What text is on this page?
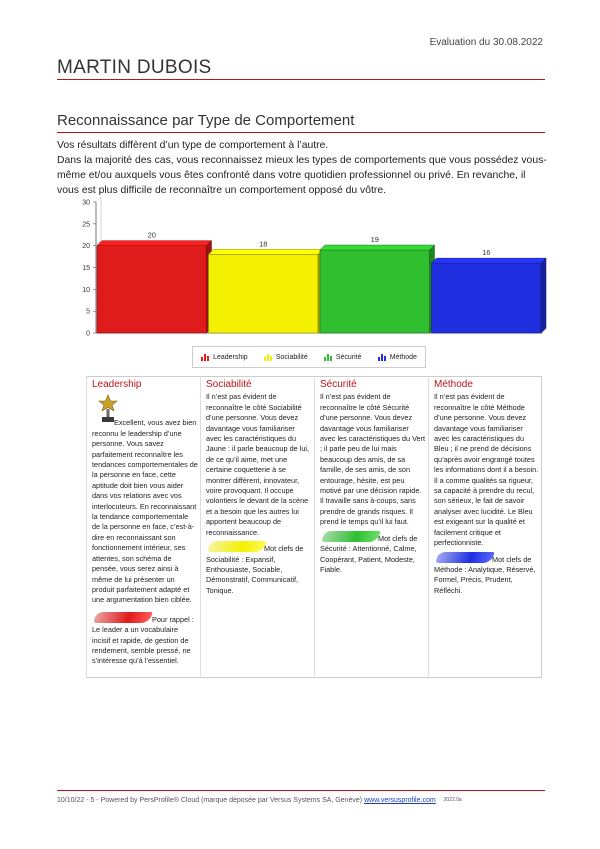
Evaluation du 30.08.2022
MARTIN DUBOIS
Reconnaissance par Type de Comportement

Vos résultats diffèrent d’un type de comportement à l’autre.

Dans la majorité des cas, vous reconnaissez mieux les types de comportements que vous possédez vous-même et/ou auxquels vous êtes confronté dans votre quotidien professionnel ou privé. En revanche, il vous est plus difficile de reconnaître un comportement opposé du vôtre.

0
5
10
15
20
25
30
20
18	19
16
Leadership	Sociabilité	Sécurité	Méthode
Leadership

Excellent, vous avez bien reconnu le leadership d’une personne. Vous savez parfaitement reconnaître les tendances comportementales de la personne en face, cette aptitude doit bien vous aider dans vos relations avec vos interlocuteurs. En reconnaissant la tendance comportementale de la personne en face, c’est-à-dire en reconnaissant son fonctionnement intérieur, ses attentes, son schéma de pensée, vous serez ainsi à même de lui présenter un produit parfaitement adapté et une argumentation bien ciblée.

Pour rappel : Le leader a un vocabulaire incisif et rapide, de gestion de rendement, semble pressé, ne s’intéresse qu’à l’essentiel.

Sociabilité

Il n’est pas évident de reconnaître le côté Sociabilité d’une personne. Vous devez davantage vous familiariser avec les caractéristiques du Jaune : il parle beaucoup de lui, de ce qu’il aime, met une certaine coquetterie à se montrer différent, innovateur, voire provoquant. Il occupe volontiers le devant de la scène et a besoin que les autres lui apportent beaucoup de reconnaissance.

Mot clefs de Sociabilité : Expansif, Enthousiaste, Sociable, Démonstratif, Communicatif, Tonique.

Sécurité

Il n’est pas évident de reconnaître le côté Sécurité d’une personne. Vous devez davantage vous familiariser avec les caractéristiques du Vert ; il parle peu de lui mais beaucoup des amis, de sa famille, de ses amis, de son entourage, hésite, est peu motivé par une décision rapide. Il travaille sans à-coups, sans prendre de grands risques. Il prend le temps qu’il lui faut.

Mot clefs de Sécurité : Attentionné, Calme, Coopérant, Patient, Modeste, Fiable.

Méthode

Il n’est pas évident de reconnaître le côté Méthode d’une personne. Vous devez davantage vous familiariser avec les caractéristiques du Bleu ; il ne prend de décisions qu’après avoir engrangé toutes les informations dont il a besoin. Il a comme qualités sa rigueur, sa capacité à prendre du recul, son sérieux, le fait de savoir analyser avec lucidité. Le Bleu est exigeant sur la qualité et facilement critique et perfectionniste.

Mot clefs de Méthode : Analytique, Réservé, Formel, Précis, Prudent, Réfléchi.

10/10/22 - 5 - Powered by PersProfile® Cloud (marque déposée par Versus Systems SA, Genève) www.versusprofile.com $^{2022.0a}$
